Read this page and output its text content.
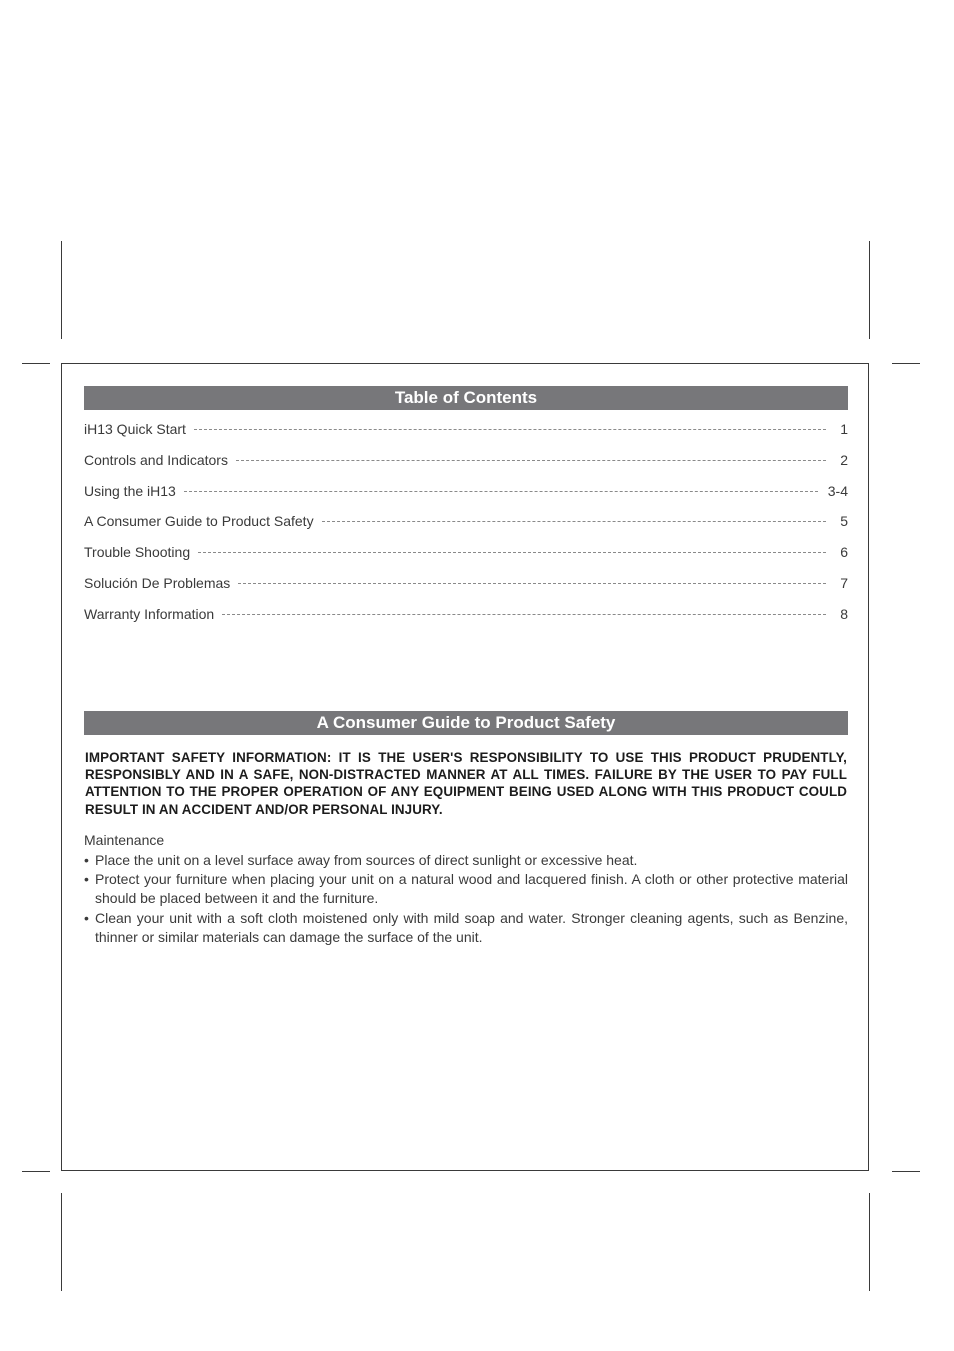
Table of Contents
iH13 Quick Start	1
Controls and Indicators	2
Using the iH13	3-4
A Consumer Guide to Product Safety	5
Trouble Shooting	6
Solución De Problemas	7
Warranty Information	8
A Consumer Guide to Product Safety

IMPORTANT SAFETY INFORMATION: IT IS THE USER'S RESPONSIBILITY TO USE THIS PRODUCT PRUDENTLY, RESPONSIBLY AND IN A SAFE, NON-DISTRACTED MANNER AT ALL TIMES. FAILURE BY THE USER TO PAY FULL ATTENTION TO THE PROPER OPERATION OF ANY EQUIPMENT BEING USED ALONG WITH THIS PRODUCT COULD RESULT IN AN ACCIDENT AND/OR PERSONAL INJURY.

Maintenance

• Place the unit on a level surface away from sources of direct sunlight or excessive heat.
• Protect your furniture when placing your unit on a natural wood and lacquered finish. A cloth or other protective material should be placed between it and the furniture.
• Clean your unit with a soft cloth moistened only with mild soap and water. Stronger cleaning agents, such as Benzine, thinner or similar materials can damage the surface of the unit.
